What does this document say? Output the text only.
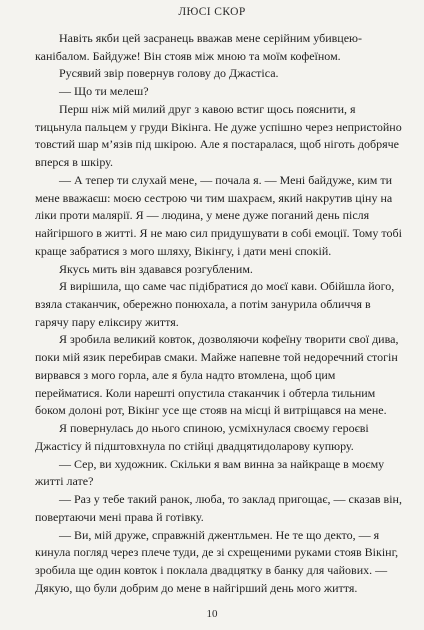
ЛЮСІ СКОР

Навіть якби цей засранець вважав мене серійним убивцею-канібалом. Байдуже! Він стояв між мною та моїм кофеїном.

Русявий звір повернув голову до Джастіса.

— Що ти мелеш?

Перш ніж мій милий друг з кавою встиг щось пояснити, я тицьнула пальцем у груди Вікінга. Не дуже успішно через непристойно товстий шар м’язів під шкірою. Але я постаралася, щоб ніготь добряче вперся в шкіру.

— А тепер ти слухай мене, — почала я. — Мені байдуже, ким ти мене вважаєш: моєю сестрою чи тим шахраєм, який накрутив ціну на ліки проти малярії. Я — людина, у мене дуже поганий день після найгіршого в житті. Я не маю сил придушувати в собі емоції. Тому тобі краще забратися з мого шляху, Вікінгу, і дати мені спокій.

Якусь мить він здавався розгубленим.

Я вирішила, що саме час підібратися до моєї кави. Обійшла його, взяла стаканчик, обережно понюхала, а потім занурила обличчя в гарячу пару еліксиру життя.

Я зробила великий ковток, дозволяючи кофеїну творити свої дива, поки мій язик перебирав смаки. Майже напевне той недоречний стогін вирвався з мого горла, але я була надто втомлена, щоб цим перейматися. Коли нарешті опустила стаканчик і обтерла тильним боком долоні рот, Вікінг усе ще стояв на місці й витріщався на мене.

Я повернулась до нього спиною, усміхнулася своєму героєві Джастісу й підштовхнула по стійці двадцятидоларову купюру.

— Сер, ви художник. Скільки я вам винна за найкраще в моєму житті лате?

— Раз у тебе такий ранок, люба, то заклад пригощає, — сказав він, повертаючи мені права й готівку.

— Ви, мій друже, справжній джентльмен. Не те що декто, — я кинула погляд через плече туди, де зі схрещеними руками стояв Вікінг, зробила ще один ковток і поклала двадцятку в банку для чайових. — Дякую, що були добрим до мене в найгірший день мого життя.

10
